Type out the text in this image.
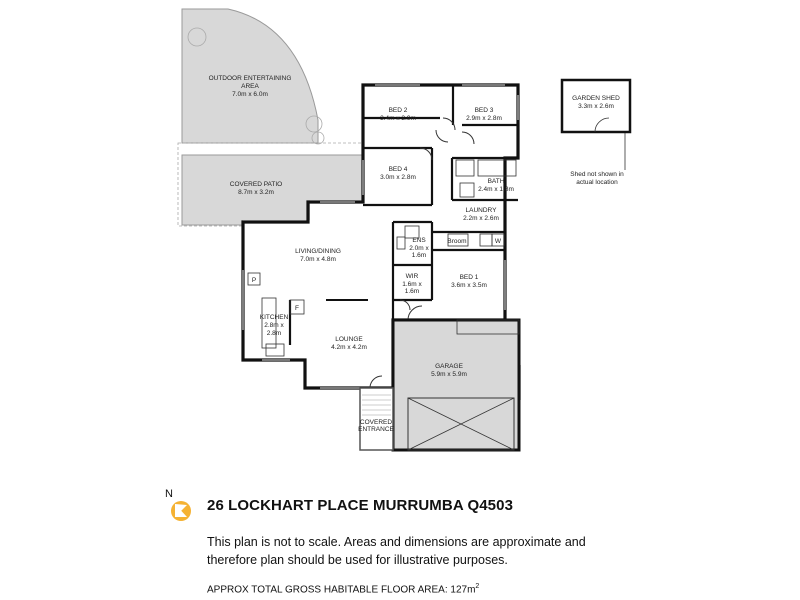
OUTDOOR ENTERTAINING
AREA
7.0m x 6.0m
COVERED PATIO
8.7m x 3.2m
BED 2
3.4m x 2.9m
BED 3
2.9m x 2.8m
BED 4
3.0m x 2.8m
BATH
2.4m x 1.8m
LAUNDRY
2.2m x 2.6m
LIVING/DINING
7.0m x 4.8m
ENS
2.0m x
1.6m
Broom	W
WIR
1.6m x
1.6m
BED 1
3.6m x 3.5m
P
F
KITCHEN
2.8m x
2.8m
LOUNGE
4.2m x 4.2m
GARAGE
5.9m x 5.9m
COVERED
ENTRANCE
GARDEN SHED
3.3m x 2.6m
Shed not shown in
actual location
N
26 LOCKHART PLACE MURRUMBA Q4503
This plan is not to scale. Areas and dimensions are approximate and therefore plan should be used for illustrative purposes.
APPROX TOTAL GROSS HABITABLE FLOOR AREA: $127m^2$
